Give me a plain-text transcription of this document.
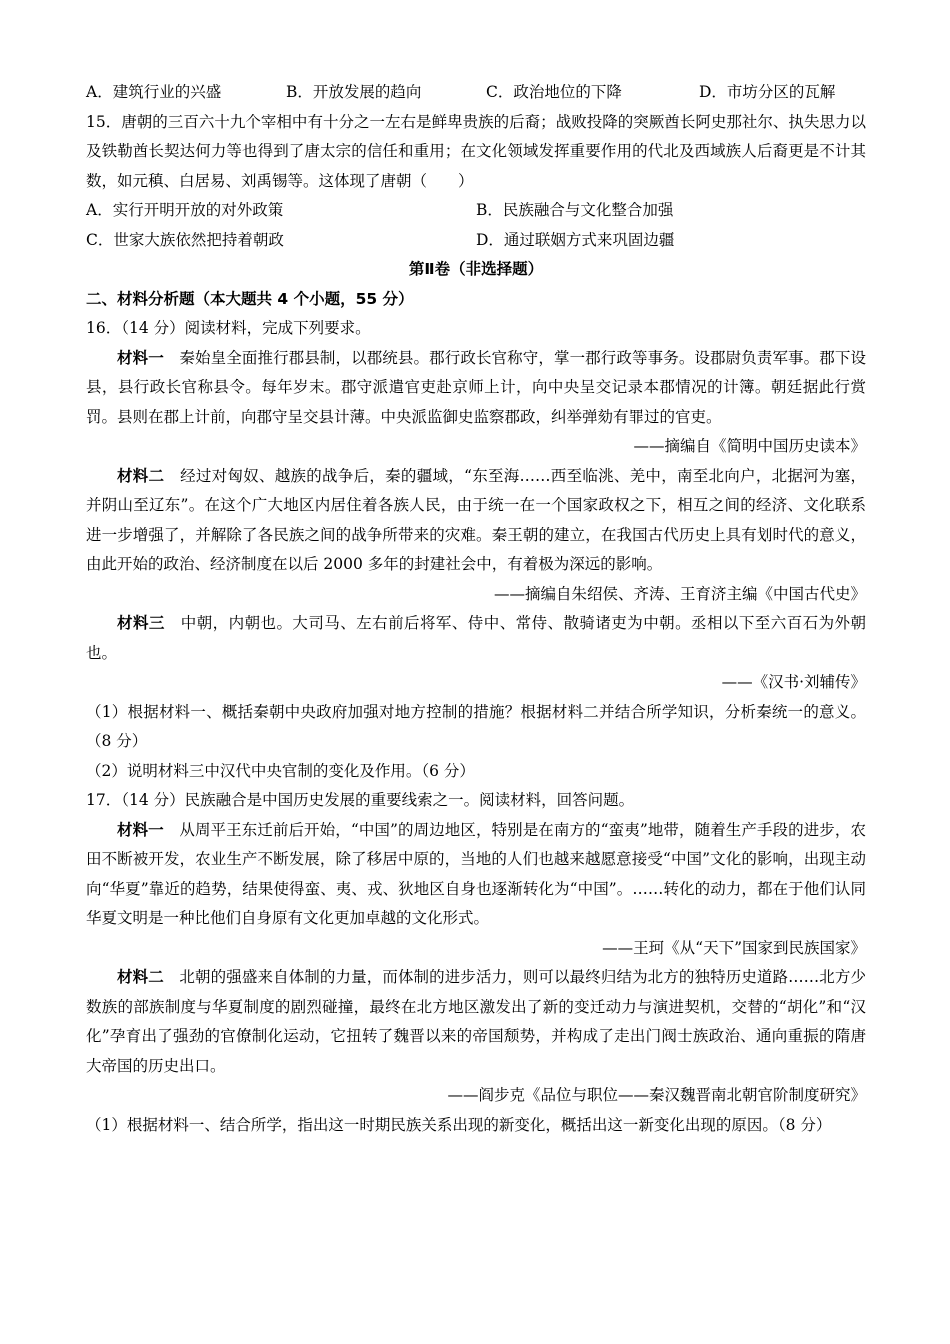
A．建筑行业的兴盛	B．开放发展的趋向	C．政治地位的下降	D．市坊分区的瓦解
15．唐朝的三百六十九个宰相中有十分之一左右是鲜卑贵族的后裔；战败投降的突厥酋长阿史那社尔、执失思力以及铁勒酋长契达何力等也得到了唐太宗的信任和重用；在文化领域发挥重要作用的代北及西域族人后裔更是不计其数，如元稹、白居易、刘禹锡等。这体现了唐朝（　　）
A．实行开明开放的对外政策	B．民族融合与文化整合加强
C．世家大族依然把持着朝政	D．通过联姻方式来巩固边疆
第Ⅱ卷（非选择题）
二、材料分析题（本大题共 4 个小题，55 分）
16．（14 分）阅读材料，完成下列要求。
材料一　秦始皇全面推行郡县制，以郡统县。郡行政长官称守，掌一郡行政等事务。设郡尉负责军事。郡下设县，县行政长官称县令。每年岁末。郡守派遣官吏赴京师上计，向中央呈交记录本郡情况的计簿。朝廷据此行赏罚。县则在郡上计前，向郡守呈交县计薄。中央派监御史监察郡政，纠举弹劾有罪过的官吏。
——摘编自《简明中国历史读本》
材料二　经过对匈奴、越族的战争后，秦的疆域，“东至海……西至临洮、羌中，南至北向户，北据河为塞，并阴山至辽东”。在这个广大地区内居住着各族人民，由于统一在一个国家政权之下，相互之间的经济、文化联系进一步增强了，并解除了各民族之间的战争所带来的灾难。秦王朝的建立，在我国古代历史上具有划时代的意义，由此开始的政治、经济制度在以后 2000 多年的封建社会中，有着极为深远的影响。
——摘编自朱绍侯、齐涛、王育济主编《中国古代史》
材料三　中朝，内朝也。大司马、左右前后将军、侍中、常侍、散骑诸吏为中朝。丞相以下至六百石为外朝也。
——《汉书·刘辅传》
（1）根据材料一、概括秦朝中央政府加强对地方控制的措施？根据材料二并结合所学知识，分析秦统一的意义。（8 分）
（2）说明材料三中汉代中央官制的变化及作用。（6 分）
17．（14 分）民族融合是中国历史发展的重要线索之一。阅读材料，回答问题。
材料一　从周平王东迁前后开始，“中国”的周边地区，特别是在南方的“蛮夷”地带，随着生产手段的进步，农田不断被开发，农业生产不断发展，除了移居中原的，当地的人们也越来越愿意接受“中国”文化的影响，出现主动向“华夏”靠近的趋势，结果使得蛮、夷、戎、狄地区自身也逐渐转化为“中国”。……转化的动力，都在于他们认同华夏文明是一种比他们自身原有文化更加卓越的文化形式。
——王珂《从“天下”国家到民族国家》
材料二　北朝的强盛来自体制的力量，而体制的进步活力，则可以最终归结为北方的独特历史道路……北方少数族的部族制度与华夏制度的剧烈碰撞，最终在北方地区激发出了新的变迁动力与演进契机，交替的“胡化”和“汉化”孕育出了强劲的官僚制化运动，它扭转了魏晋以来的帝国颓势，并构成了走出门阀士族政治、通向重振的隋唐大帝国的历史出口。
——阎步克《品位与职位——秦汉魏晋南北朝官阶制度研究》
（1）根据材料一、结合所学，指出这一时期民族关系出现的新变化，概括出这一新变化出现的原因。（8 分）
